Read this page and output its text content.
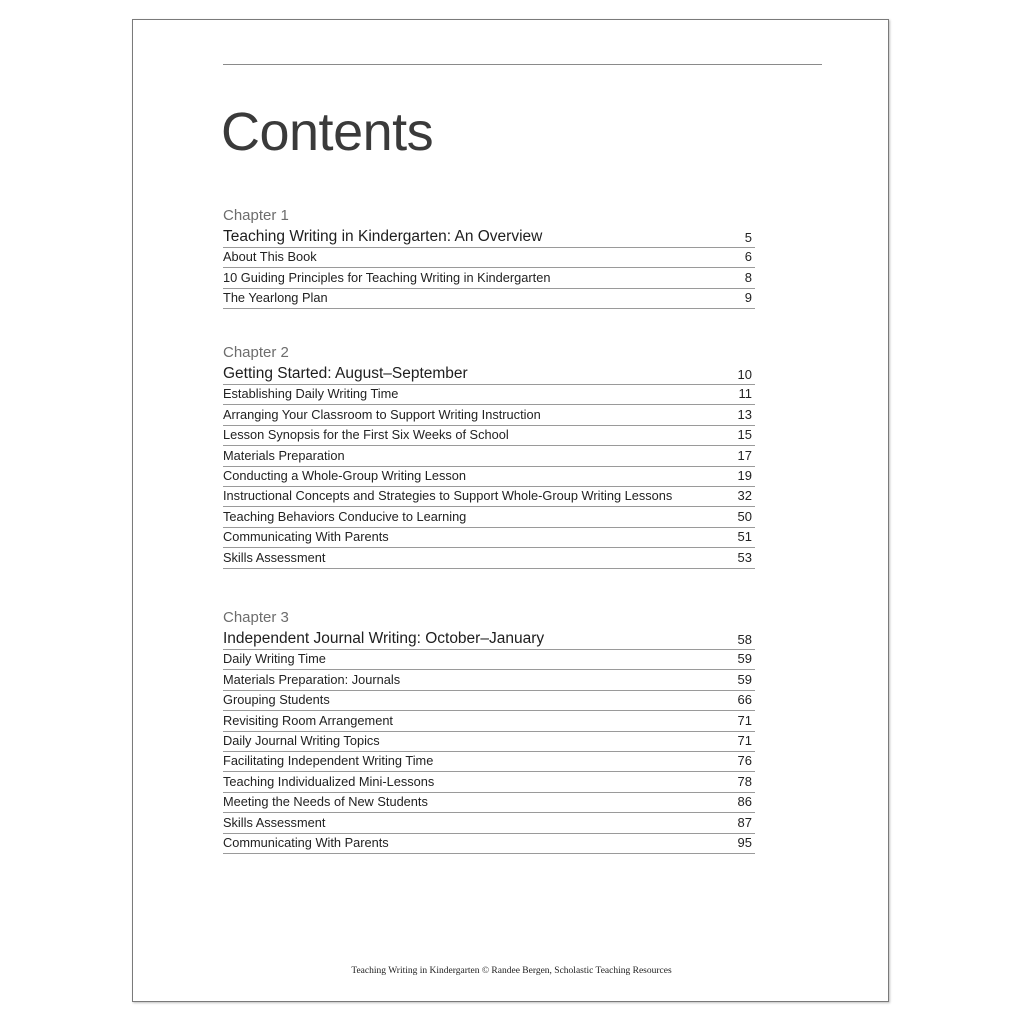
Contents
Chapter 1
Teaching Writing in Kindergarten: An Overview	5
About This Book	6
10 Guiding Principles for Teaching Writing in Kindergarten	8
The Yearlong Plan	9
Chapter 2
Getting Started: August–September	10
Establishing Daily Writing Time	11
Arranging Your Classroom to Support Writing Instruction	13
Lesson Synopsis for the First Six Weeks of School	15
Materials Preparation	17
Conducting a Whole-Group Writing Lesson	19
Instructional Concepts and Strategies to Support Whole-Group Writing Lessons	32
Teaching Behaviors Conducive to Learning	50
Communicating With Parents	51
Skills Assessment	53
Chapter 3
Independent Journal Writing: October–January	58
Daily Writing Time	59
Materials Preparation: Journals	59
Grouping Students	66
Revisiting Room Arrangement	71
Daily Journal Writing Topics	71
Facilitating Independent Writing Time	76
Teaching Individualized Mini-Lessons	78
Meeting the Needs of New Students	86
Skills Assessment	87
Communicating With Parents	95
Teaching Writing in Kindergarten © Randee Bergen, Scholastic Teaching Resources
